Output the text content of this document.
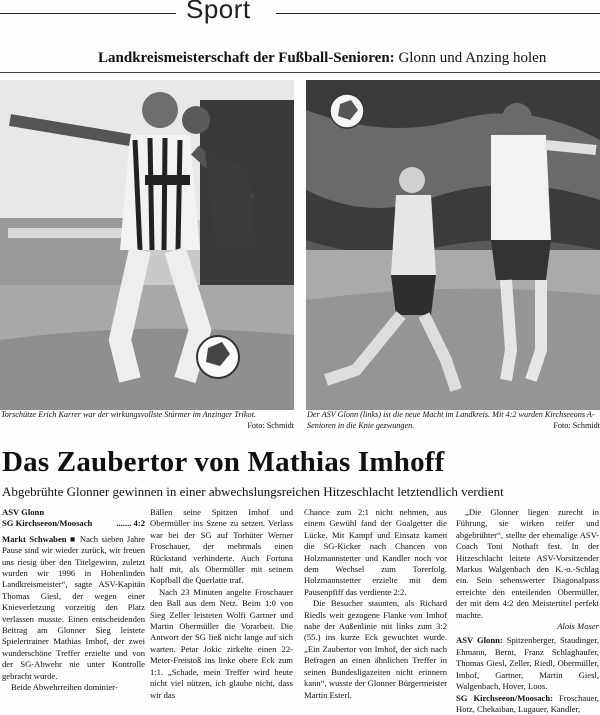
Sport
Landkreismeisterschaft der Fußball-Senioren: Glonn und Anzing holen
Torschütze Erich Karrer war der wirkungsvollste Stürmer im Anzinger Trikot.
Foto: Schmidt
Der ASV Glonn (links) ist die neue Macht im Landkreis. Mit 4:2 wurden Kirchseeons A-Senioren in die Knie gezwungen.	Foto: Schmidt
Das Zaubertor von Mathias Imhoff
Abgebrühte Glonner gewinnen in einer abwechslungsreichen Hitzeschlacht letztendlich verdient

ASV Glonn

SG Kirchseeon/Moosach	....... 4:2

Markt Schwaben ■ Nach sieben Jahre Pause sind wir wieder zurück, wir freuen uns riesig über den Titelgewinn, zuletzt wurden wir 1996 in Hohenlinden Landkreismeister“, sagte ASV-Kapitän Thomas Giesl, der wegen einer Knieverletzung vorzeitig den Platz verlassen musste. Einen entscheidenden Beitrag am Glonner Sieg leistete Spielertrainer Mathias Imhof, der zwei wunderschöne Treffer erzielte und von der SG-Abwehr nie unter Kontrolle gebracht wurde.

Beide Abwehrreihen dominier-

Bällen seine Spitzen Imhof und Obermüller ins Szene zu setzen. Verlass war bei der SG auf Torhüter Werner Froschauer, der mehrmals einen Rückstand verhinderte. Auch Fortuna half mit, als Obermüller mit seinem Kopfball die Querlatte traf.

Nach 23 Minuten angelte Froschauer den Ball aus dem Netz. Beim 1:0 von Sieg Zeller leisteten Wolfi Gartner und Martin Obermüller die Vorarbeit. Die Antwort der SG ließ nicht lange auf sich warten. Petar Jokic zirkelte einen 22-Meter-Freistoß ins linke obere Eck zum 1:1. „Schade, mein Treffer wird heute nicht viel nützen, ich glaube nicht, dass wir das

Chance zum 2:1 nicht nehmen, aus einem Gewühl fand der Goalgetter die Lücke. Mit Kampf und Einsatz kamen die SG-Kicker nach Chancen von Holzmannstetter und Kandler noch vor dem Wechsel zum Torerfolg. Holzmannstetter erzielte mit dem Pausenpfiff das verdiente 2:2.

Die Besucher staunten, als Richard Riedls weit gezogene Flanke von Imhof nahe der Außenlinie mit links zum 3:2 (55.) ins kurze Eck gewuchtet wurde. „Ein Zaubertor von Imhof, der sich nach Befragen an einen ähnlichen Treffer in seinen Bundesligazeiten nicht erinnern kann“, wusste der Glonner Bürgermeister Martin Esterl.

„Die Glonner liegen zurecht in Führung, sie wirken reifer und abgebrühter“, stellte der ehemalige ASV-Coach Toni Nothaft fest. In der Hitzeschlacht leitete ASV-Vorsitzender Markus Walgenbach den K.-o.-Schlag ein. Sein sehenswerter Diagonalpass erreichte den enteilenden Obermüller, der mit dem 4:2 den Meistertitel perfekt machte.

Alois Moser

ASV Glonn: Spitzenberger, Staudinger, Ehmann, Bernt, Franz Schlaghaufer, Thomas Giesl, Zeller, Riedl, Obermüller, Imhof, Gartner, Martin Giesl, Walgenbach, Hover, Loos.

SG Kirchseeon/Moosach: Froschauer, Hotz, Chekaiban, Lugauer, Kandler,
